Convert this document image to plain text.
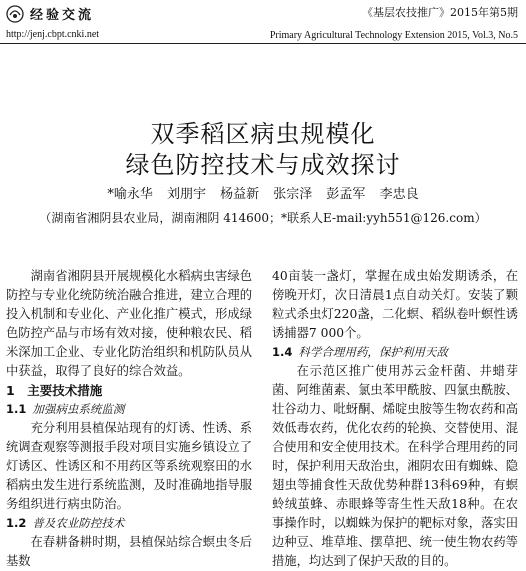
经验交流
http://jenj.cbpt.cnki.net
《基层农技推广》2015年第5期
Primary Agricultural Technology Extension 2015, Vol.3, No.5
双季稻区病虫规模化
绿色防控技术与成效探讨
*喻永华 刘朋宇 杨益新 张宗泽 彭孟军 李忠良
（湖南省湘阴县农业局，湖南湘阴 414600；*联系人E-mail:yyh551@126.com）

湖南省湘阴县开展规模化水稻病虫害绿色防控与专业化统防统治融合推进，建立合理的投入机制和专业化、产业化推广模式，形成绿色防控产品与市场有效对接，使种粮农民、稻米深加工企业、专业化防治组织和机防队员从中获益，取得了良好的综合效益。

1　主要技术措施
1.1 加强病虫系统监测

充分利用县植保站现有的灯诱、性诱、系统调查观察等测报手段对项目实施乡镇设立了灯诱区、性诱区和不用药区等系统观察田的水稻病虫发生进行系统监测，及时准确地指导服务组织进行病虫防治。

1.2 普及农业防控技术

在春耕备耕时期，县植保站综合螟虫冬后基数

40亩装一盏灯，掌握在成虫始发期诱杀，在傍晚开灯，次日清晨1点自动关灯。安装了颗粒式杀虫灯220盏，二化螟、稻纵卷叶螟性诱诱捕器7 000个。

1.4 科学合理用药，保护利用天敌

在示范区推广使用苏云金杆菌、井蜡芽菌、阿维菌素、氯虫苯甲酰胺、四氯虫酰胺、壮谷动力、吡蚜酮、烯啶虫胺等生物农药和高效低毒农药，优化农药的轮换、交替使用、混合使用和安全使用技术。在科学合理用药的同时，保护利用天敌治虫，湘阴农田有蜘蛛、隐翅虫等捕食性天敌优势种群13科69种，有螟蛉绒茧蜂、赤眼蜂等寄生性天敌18种。在农事操作时，以蜘蛛为保护的靶标对象，落实田边种豆、堆草堆、摆草把、统一使生物农药等措施，均达到了保护天敌的目的。
